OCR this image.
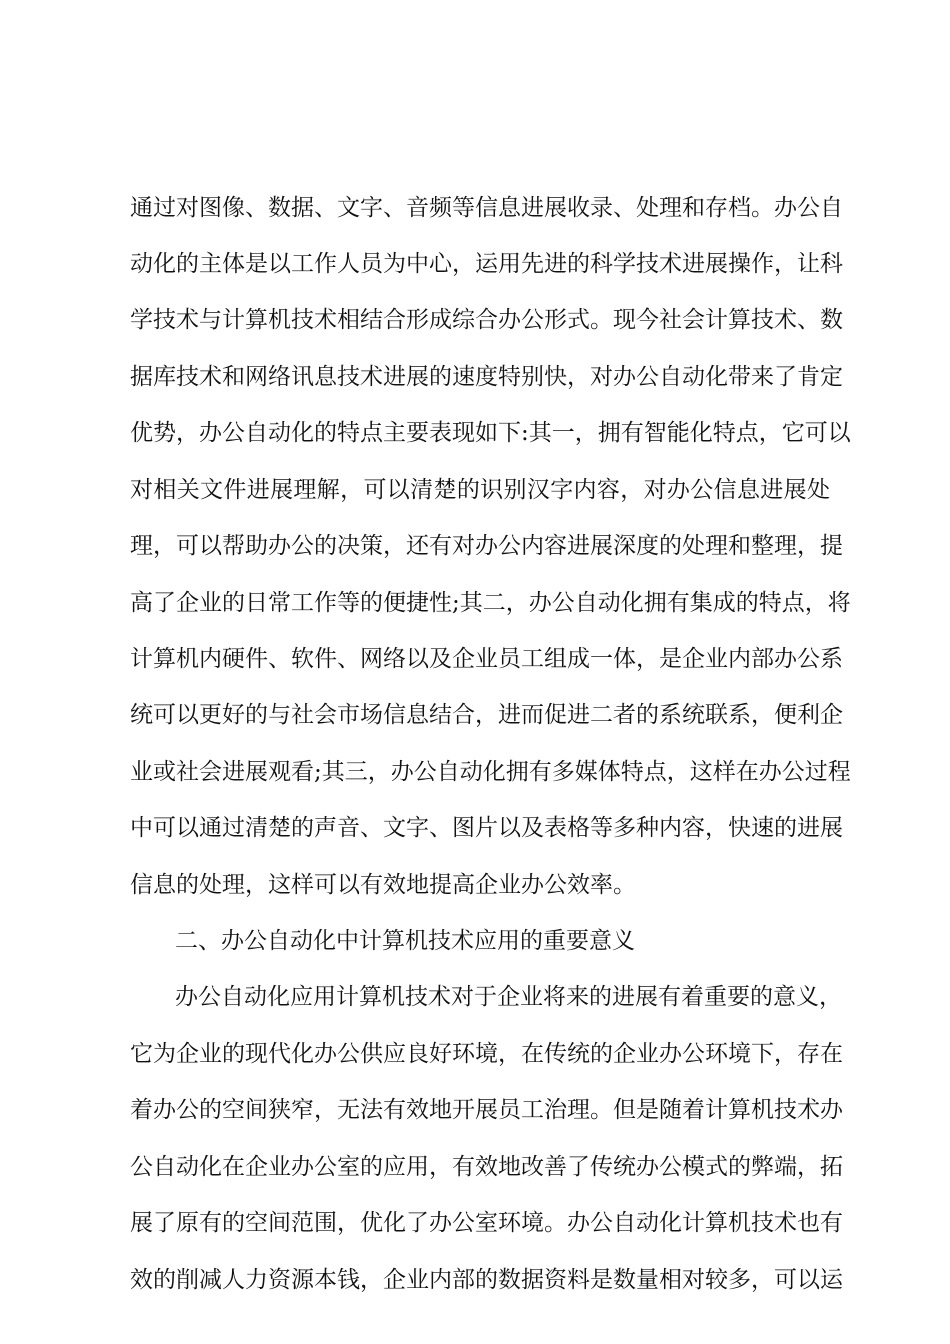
通 过 对 图 像 、 数 据 、 文 字 、 音 频 等 信 息 进 展 收 录 、 处 理 和 存 档 。 办 公 自
动 化 的 主 体 是 以 工 作 人 员 为 中 心 ， 运 用 先 进 的 科 学 技 术 进 展 操 作 ， 让 科
学 技 术 与 计 算 机 技 术 相 结 合 形 成 综 合 办 公 形 式 。 现 今 社 会 计 算 技 术 、 数
据 库 技 术 和 网 络 讯 息 技 术 进 展 的 速 度 特 别 快 ， 对 办 公 自 动 化 带 来 了 肯 定
优 势 ， 办 公 自 动 化 的 特 点 主 要 表 现 如 下 : 其 一 ， 拥 有 智 能 化 特 点 ， 它 可 以
对 相 关 文 件 进 展 理 解 ， 可 以 清 楚 的 识 别 汉 字 内 容 ， 对 办 公 信 息 进 展 处
理 ， 可 以 帮 助 办 公 的 决 策 ， 还 有 对 办 公 内 容 进 展 深 度 的 处 理 和 整 理 ， 提
高 了 企 业 的 日 常 工 作 等 的 便 捷 性 ; 其 二 ， 办 公 自 动 化 拥 有 集 成 的 特 点 ， 将
计 算 机 内 硬 件 、 软 件 、 网 络 以 及 企 业 员 工 组 成 一 体 ， 是 企 业 内 部 办 公 系
统 可 以 更 好 的 与 社 会 市 场 信 息 结 合 ， 进 而 促 进 二 者 的 系 统 联 系 ， 便 利 企
业 或 社 会 进 展 观 看 ; 其 三 ， 办 公 自 动 化 拥 有 多 媒 体 特 点 ， 这 样 在 办 公 过 程
中 可 以 通 过 清 楚 的 声 音 、 文 字 、 图 片 以 及 表 格 等 多 种 内 容 ， 快 速 的 进 展
信 息 的 处 理 ， 这 样 可 以 有 效 地 提 高 企 业 办 公 效 率 。
二 、 办 公 自 动 化 中 计 算 机 技 术 应 用 的 重 要 意 义
办 公 自 动 化 应 用 计 算 机 技 术 对 于 企 业 将 来 的 进 展 有 着 重 要 的 意 义 ，
它 为 企 业 的 现 代 化 办 公 供 应 良 好 环 境 ， 在 传 统 的 企 业 办 公 环 境 下 ， 存 在
着 办 公 的 空 间 狭 窄 ， 无 法 有 效 地 开 展 员 工 治 理 。 但 是 随 着 计 算 机 技 术 办
公 自 动 化 在 企 业 办 公 室 的 应 用 ， 有 效 地 改 善 了 传 统 办 公 模 式 的 弊 端 ， 拓
展 了 原 有 的 空 间 范 围 ， 优 化 了 办 公 室 环 境 。 办 公 自 动 化 计 算 机 技 术 也 有
效 的 削 减 人 力 资 源 本 钱 ， 企 业 内 部 的 数 据 资 料 是 数 量 相 对 较 多 ， 可 以 运
